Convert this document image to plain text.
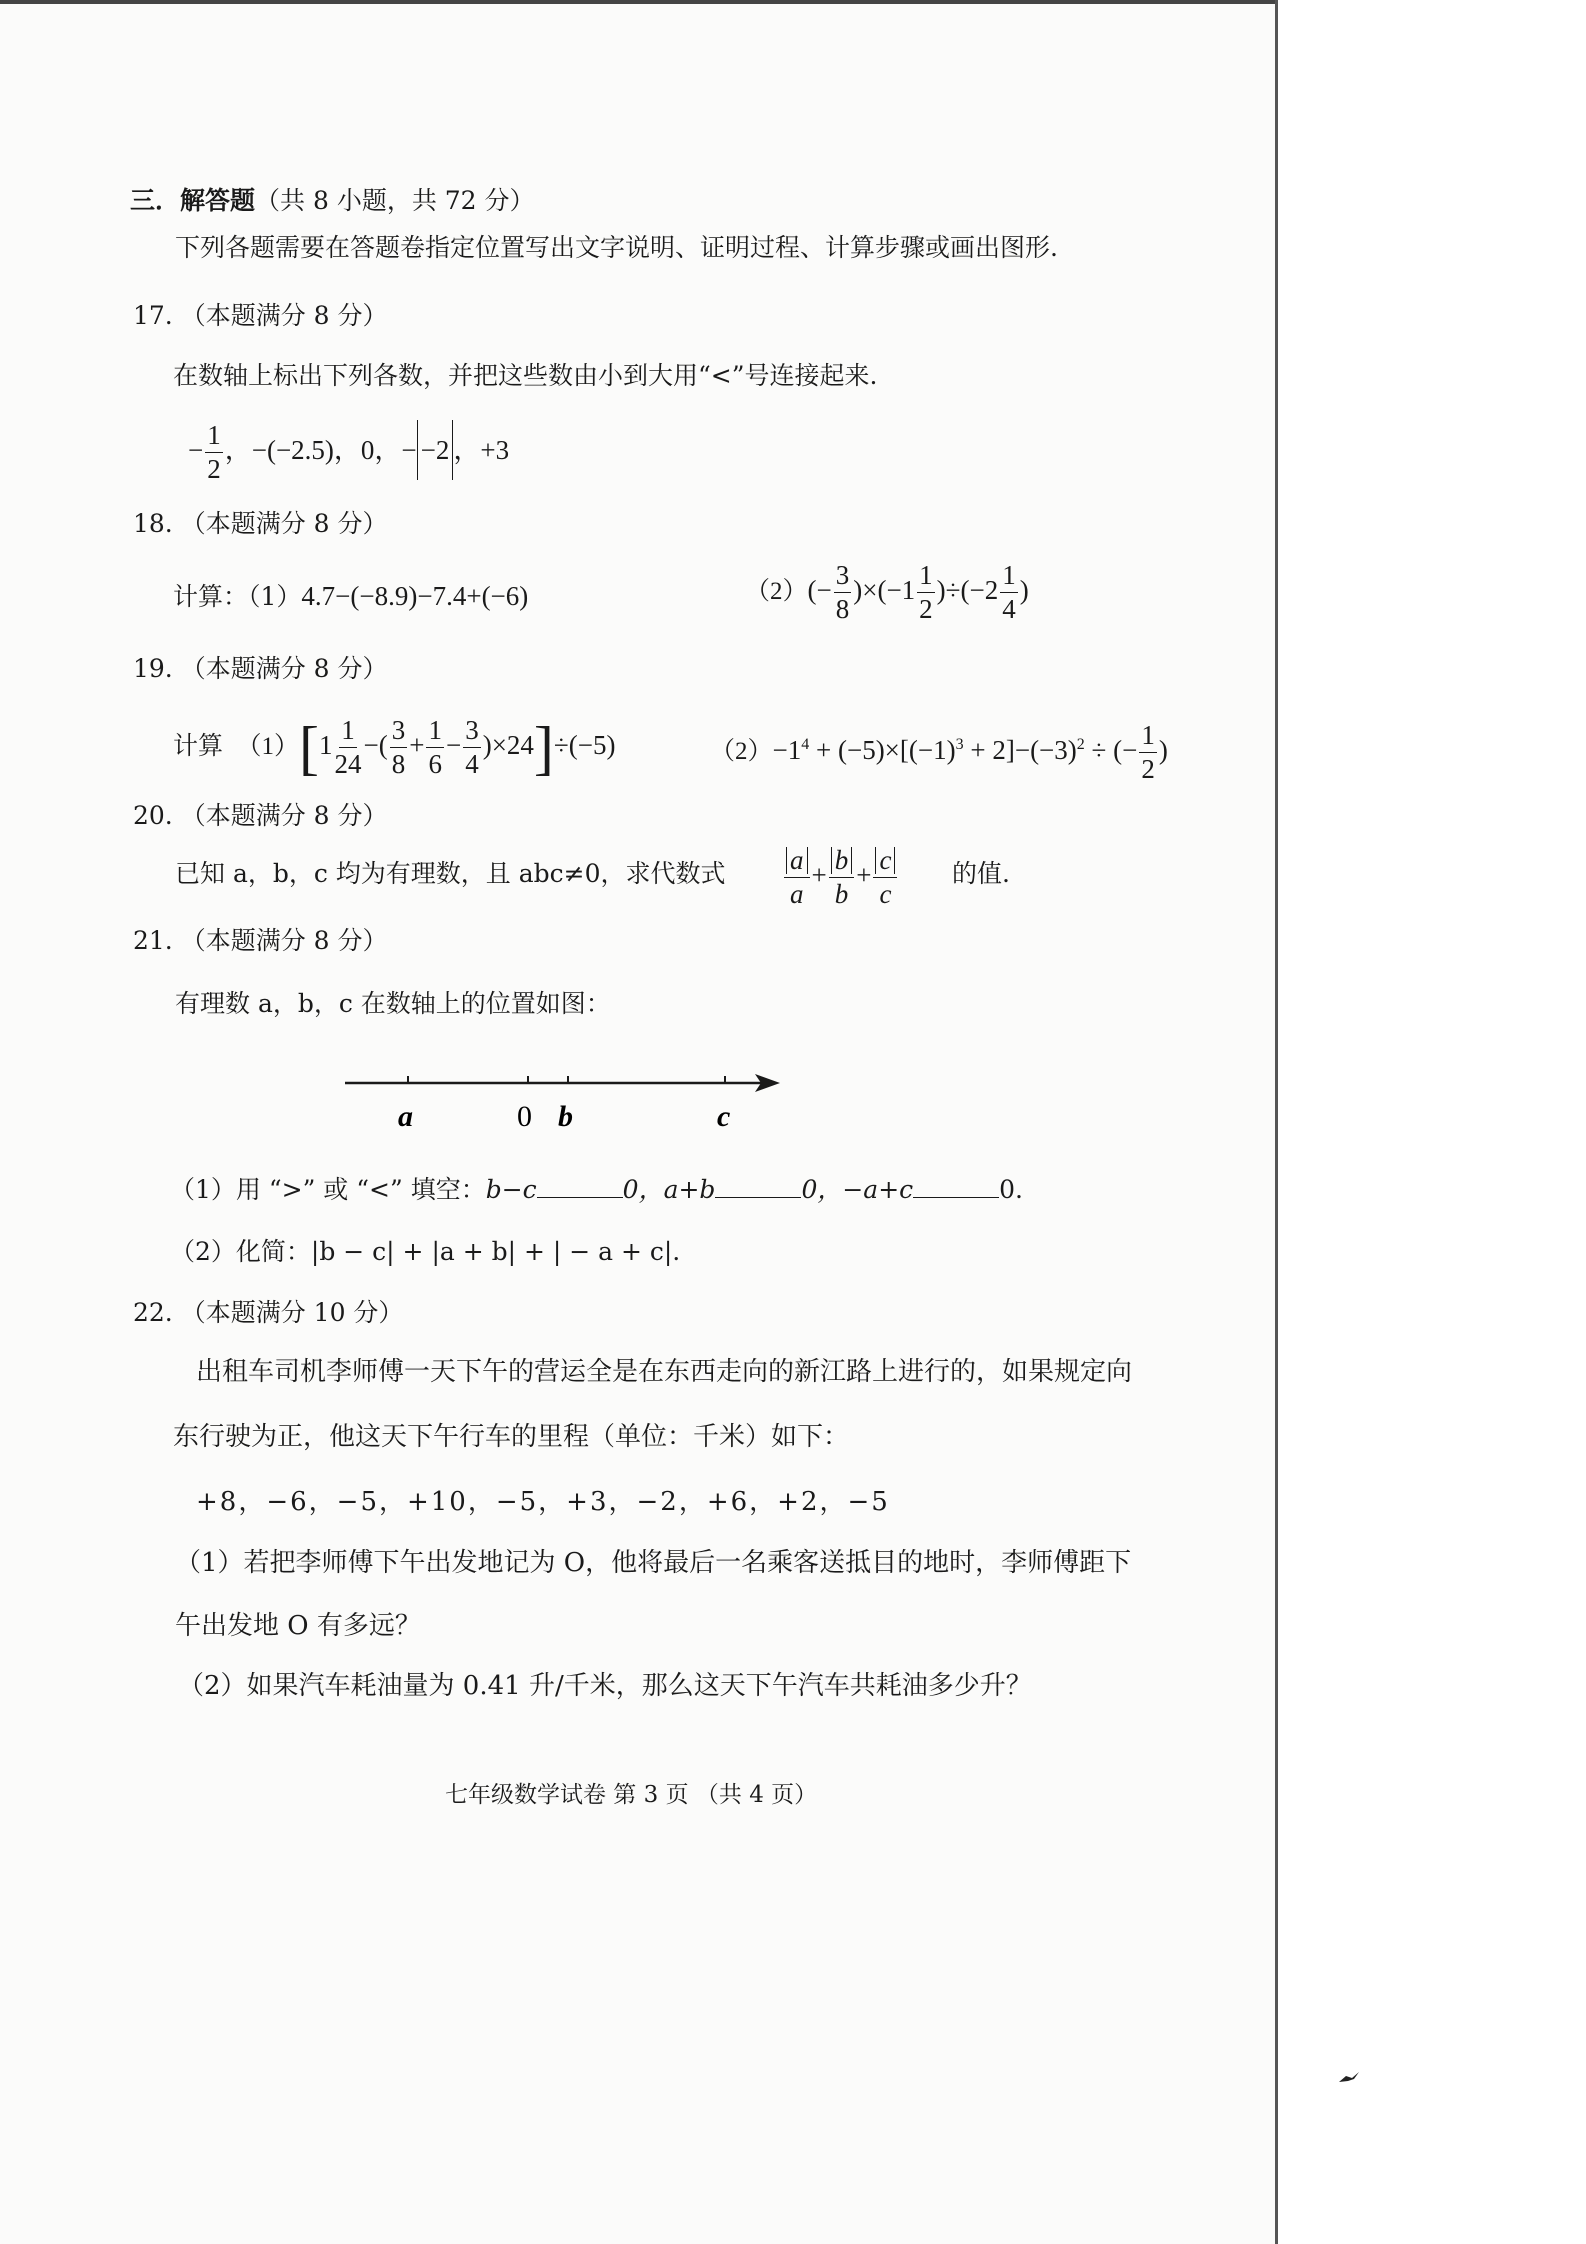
三．解答题（共 8 小题，共 72 分）
下列各题需要在答题卷指定位置写出文字说明、证明过程、计算步骤或画出图形.
17. （本题满分 8 分）
在数轴上标出下列各数，并把这些数由小到大用“<”号连接起来.
− $\frac{1}{2}$ ，−(−2.5)，0，− −2 ，+3
18. （本题满分 8 分）
计算：（1）4.7−(−8.9)−7.4+(−6)	$(2)(- \frac{3}{8} )\times(-1 \frac{1}{2} )\div(-2 \frac{1}{4}$ )
19. （本题满分 8 分）
计算 $(1)[1 \frac{1}{24}$ −( $\frac{3}{8} + \frac{1}{6} - \frac{3}{4} )\times 24]\div(-5)$	$(2)-1^4 + (-5)\times[(-1)^3 + 2]-(-3)^2$ ÷ (− $\frac{1}{2}$ )
20. （本题满分 8 分）
已知 a，b，c 均为有理数，且 abc≠0，求代数式 $\frac{a}{a} + \frac{b}{b} + \frac{c}{c}$ 的值.
21. （本题满分 8 分）
有理数 a，b，c 在数轴上的位置如图：
a	0 b	c
（1）用 “>” 或 “<” 填空：b−c	0，a+b	0，−a+c	0.
（2）化简：|b − c| + |a + b| + | − a + c|.
22. （本题满分 10 分）
出租车司机李师傅一天下午的营运全是在东西走向的新江路上进行的，如果规定向
东行驶为正，他这天下午行车的里程（单位：千米）如下：
+8，−6，−5，+10，−5，+3，−2，+6，+2，−5
（1）若把李师傅下午出发地记为 O，他将最后一名乘客送抵目的地时，李师傅距下
午出发地 O 有多远？
（2）如果汽车耗油量为 0.41 升/千米，那么这天下午汽车共耗油多少升？
七年级数学试卷 第 3 页 （共 4 页）
